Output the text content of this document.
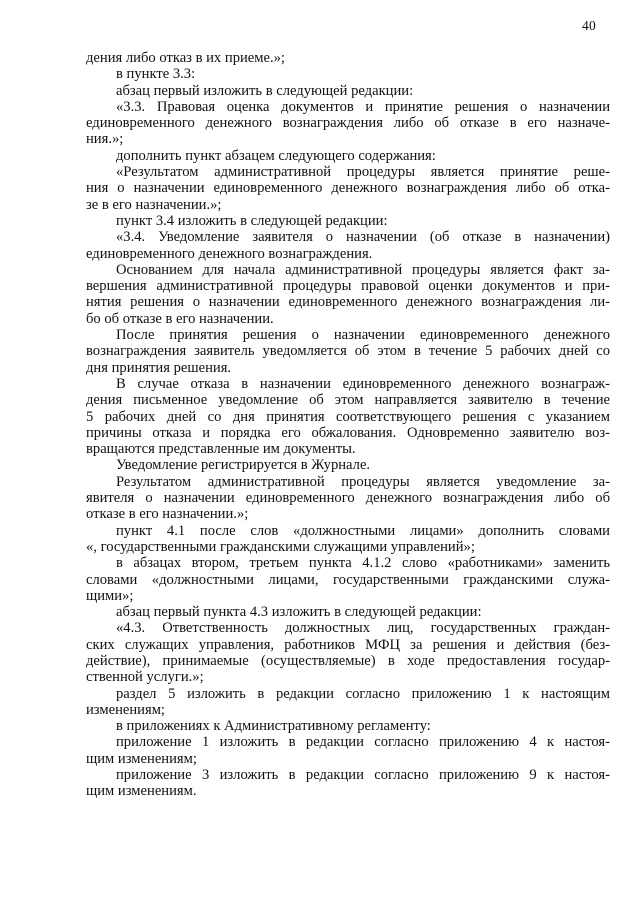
40
дения либо отказ в их приеме.»;
в пункте 3.3:
абзац первый изложить в следующей редакции:
«3.3. Правовая оценка документов и принятие решения о назначении
единовременного денежного вознаграждения либо об отказе в его назначе-
ния.»;
дополнить пункт абзацем следующего содержания:
«Результатом административной процедуры является принятие реше-
ния о назначении единовременного денежного вознаграждения либо об отка-
зе в его назначении.»;
пункт 3.4 изложить в следующей редакции:
«3.4. Уведомление заявителя о назначении (об отказе в назначении)
единовременного денежного вознаграждения.
Основанием для начала административной процедуры является факт за-
вершения административной процедуры правовой оценки документов и при-
нятия решения о назначении единовременного денежного вознаграждения ли-
бо об отказе в его назначении.
После принятия решения о назначении единовременного денежного
вознаграждения заявитель уведомляется об этом в течение 5 рабочих дней со
дня принятия решения.
В случае отказа в назначении единовременного денежного вознаграж-
дения письменное уведомление об этом направляется заявителю в течение
5 рабочих дней со дня принятия соответствующего решения с указанием
причины отказа и порядка его обжалования. Одновременно заявителю воз-
вращаются представленные им документы.
Уведомление регистрируется в Журнале.
Результатом административной процедуры является уведомление за-
явителя о назначении единовременного денежного вознаграждения либо об
отказе в его назначении.»;
пункт 4.1 после слов «должностными лицами» дополнить словами
«, государственными гражданскими служащими управлений»;
в абзацах втором, третьем пункта 4.1.2 слово «работниками» заменить
словами «должностными лицами, государственными гражданскими служа-
щими»;
абзац первый пункта 4.3 изложить в следующей редакции:
«4.3. Ответственность должностных лиц, государственных граждан-
ских служащих управления, работников МФЦ за решения и действия (без-
действие), принимаемые (осуществляемые) в ходе предоставления государ-
ственной услуги.»;
раздел 5 изложить в редакции согласно приложению 1 к настоящим
изменениям;
в приложениях к Административному регламенту:
приложение 1 изложить в редакции согласно приложению 4 к настоя-
щим изменениям;
приложение 3 изложить в редакции согласно приложению 9 к настоя-
щим изменениям.
